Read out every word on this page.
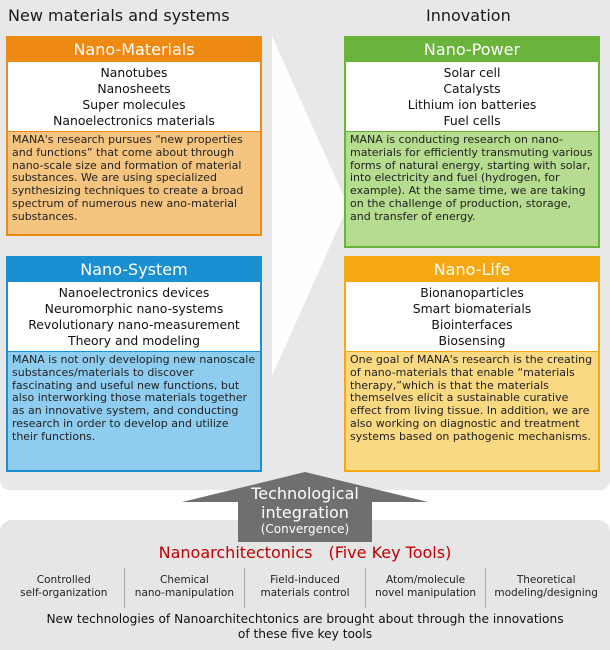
New materials and systems	Innovation
Nano-Materials
Nanotubes
Nanosheets
Super molecules
Nanoelectronics materials
MANA's research pursues “new properties and functions” that come about through nano-scale size and formation of material substances. We are using specialized synthesizing techniques to create a broad spectrum of numerous new ano-material substances.
Nano-System
Nanoelectronics devices
Neuromorphic nano-systems
Revolutionary nano-measurement
Theory and modeling
MANA is not only developing new nanoscale substances/materials to discover fascinating and useful new functions, but also interworking those materials together as an innovative system, and conducting research in order to develop and utilize their functions.
Nano-Power
Solar cell
Catalysts
Lithium ion batteries
Fuel cells
MANA is conducting research on nano-materials for efficiently transmuting various forms of natural energy, starting with solar, into electricity and fuel (hydrogen, for example). At the same time, we are taking on the challenge of production, storage, and transfer of energy.
Nano-Life
Bionanoparticles
Smart biomaterials
Biointerfaces
Biosensing
One goal of MANA's research is the creating of nano-materials that enable “materials therapy,”which is that the materials themselves elicit a sustainable curative effect from living tissue. In addition, we are also working on diagnostic and treatment systems based on pathogenic mechanisms.
Technological
integration
(Convergence)
Nanoarchitectonics　(Five Key Tools)
Controlled
self-organization
Chemical
nano-manipulation
Field-induced
materials control
Atom/molecule
novel manipulation
Theoretical
modeling/designing
New technologies of Nanoarchitechtonics are brought about through the innovations
of these five key tools
